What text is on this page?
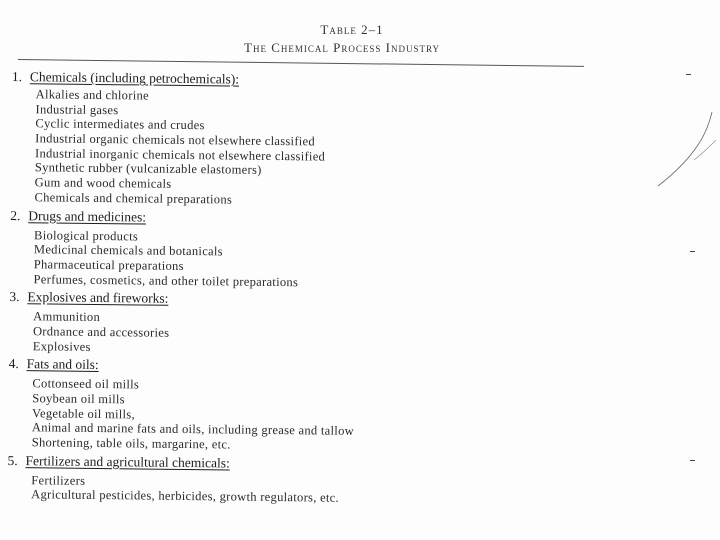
Table 2–1
The Chemical Process Industry
1. Chemicals (including petrochemicals):
Alkalies and chlorine
Industrial gases
Cyclic intermediates and crudes
Industrial organic chemicals not elsewhere classified
Industrial inorganic chemicals not elsewhere classified
Synthetic rubber (vulcanizable elastomers)
Gum and wood chemicals
Chemicals and chemical preparations
2. Drugs and medicines:
Biological products
Medicinal chemicals and botanicals
Pharmaceutical preparations
Perfumes, cosmetics, and other toilet preparations
3. Explosives and fireworks:
Ammunition
Ordnance and accessories
Explosives
4. Fats and oils:
Cottonseed oil mills
Soybean oil mills
Vegetable oil mills,
Animal and marine fats and oils, including grease and tallow
Shortening, table oils, margarine, etc.
5. Fertilizers and agricultural chemicals:
Fertilizers
Agricultural pesticides, herbicides, growth regulators, etc.
